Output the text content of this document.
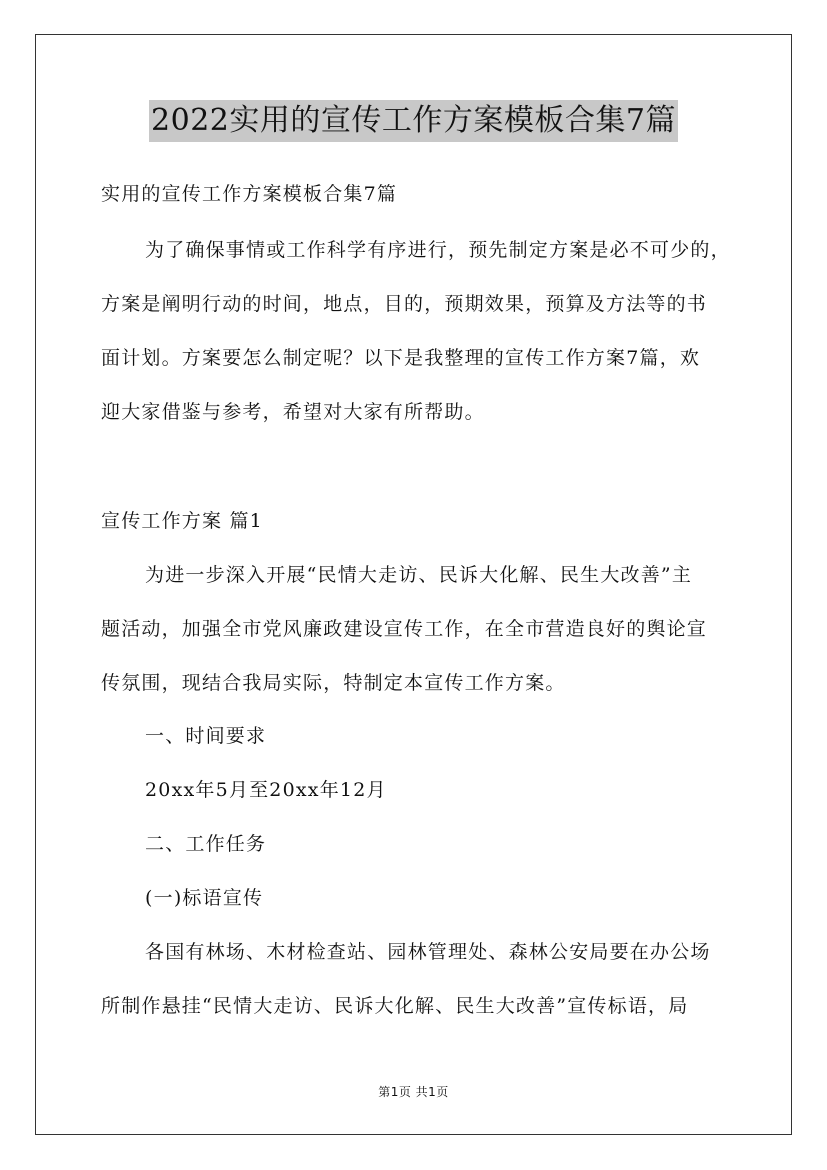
2022实用的宣传工作方案模板合集7篇
实用的宣传工作方案模板合集7篇
为了确保事情或工作科学有序进行，预先制定方案是必不可少的，
方案是阐明行动的时间，地点，目的，预期效果，预算及方法等的书
面计划。方案要怎么制定呢？以下是我整理的宣传工作方案7篇，欢
迎大家借鉴与参考，希望对大家有所帮助。
宣传工作方案 篇1
为进一步深入开展“民情大走访、民诉大化解、民生大改善”主
题活动，加强全市党风廉政建设宣传工作，在全市营造良好的舆论宣
传氛围，现结合我局实际，特制定本宣传工作方案。
一、时间要求
20xx年5月至20xx年12月
二、工作任务
(一)标语宣传
各国有林场、木材检查站、园林管理处、森林公安局要在办公场
所制作悬挂“民情大走访、民诉大化解、民生大改善”宣传标语，局
第1页 共1页
